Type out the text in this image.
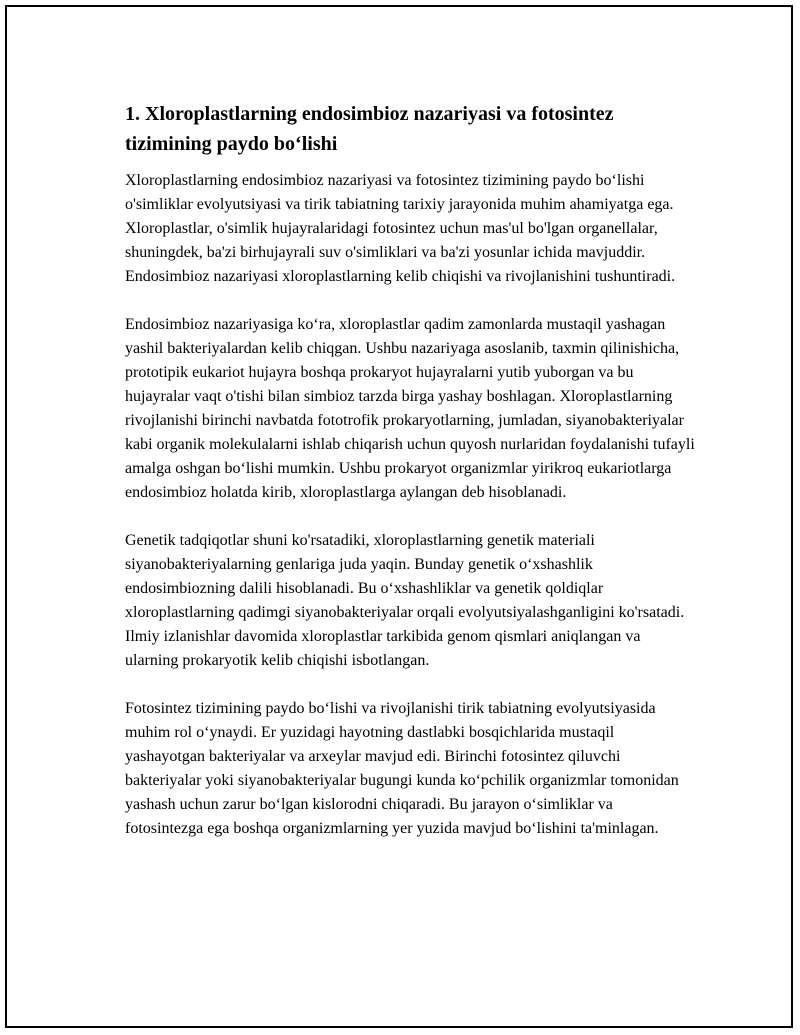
1. Xloroplastlarning endosimbioz nazariyasi va fotosintez tizimining paydo bo‘lishi

Xloroplastlarning endosimbioz nazariyasi va fotosintez tizimining paydo bo‘lishi o'simliklar evolyutsiyasi va tirik tabiatning tarixiy jarayonida muhim ahamiyatga ega. Xloroplastlar, o'simlik hujayralaridagi fotosintez uchun mas'ul bo'lgan organellalar, shuningdek, ba'zi birhujayrali suv o'simliklari va ba'zi yosunlar ichida mavjuddir. Endosimbioz nazariyasi xloroplastlarning kelib chiqishi va rivojlanishini tushuntiradi.

Endosimbioz nazariyasiga ko‘ra, xloroplastlar qadim zamonlarda mustaqil yashagan yashil bakteriyalardan kelib chiqgan. Ushbu nazariyaga asoslanib, taxmin qilinishicha, prototipik eukariot hujayra boshqa prokaryot hujayralarni yutib yuborgan va bu hujayralar vaqt o'tishi bilan simbioz tarzda birga yashay boshlagan. Xloroplastlarning rivojlanishi birinchi navbatda fototrofik prokaryotlarning, jumladan, siyanobakteriyalar kabi organik molekulalarni ishlab chiqarish uchun quyosh nurlaridan foydalanishi tufayli amalga oshgan bo‘lishi mumkin. Ushbu prokaryot organizmlar yirikroq eukariotlarga endosimbioz holatda kirib, xloroplastlarga aylangan deb hisoblanadi.

Genetik tadqiqotlar shuni ko'rsatadiki, xloroplastlarning genetik materiali siyanobakteriyalarning genlariga juda yaqin. Bunday genetik o‘xshashlik endosimbiozning dalili hisoblanadi. Bu o‘xshashliklar va genetik qoldiqlar xloroplastlarning qadimgi siyanobakteriyalar orqali evolyutsiyalashganligini ko'rsatadi. Ilmiy izlanishlar davomida xloroplastlar tarkibida genom qismlari aniqlangan va ularning prokaryotik kelib chiqishi isbotlangan.

Fotosintez tizimining paydo bo‘lishi va rivojlanishi tirik tabiatning evolyutsiyasida muhim rol o‘ynaydi. Er yuzidagi hayotning dastlabki bosqichlarida mustaqil yashayotgan bakteriyalar va arxeylar mavjud edi. Birinchi fotosintez qiluvchi bakteriyalar yoki siyanobakteriyalar bugungi kunda ko‘pchilik organizmlar tomonidan yashash uchun zarur bo‘lgan kislorodni chiqaradi. Bu jarayon o‘simliklar va fotosintezga ega boshqa organizmlarning yer yuzida mavjud bo‘lishini ta'minlagan.
